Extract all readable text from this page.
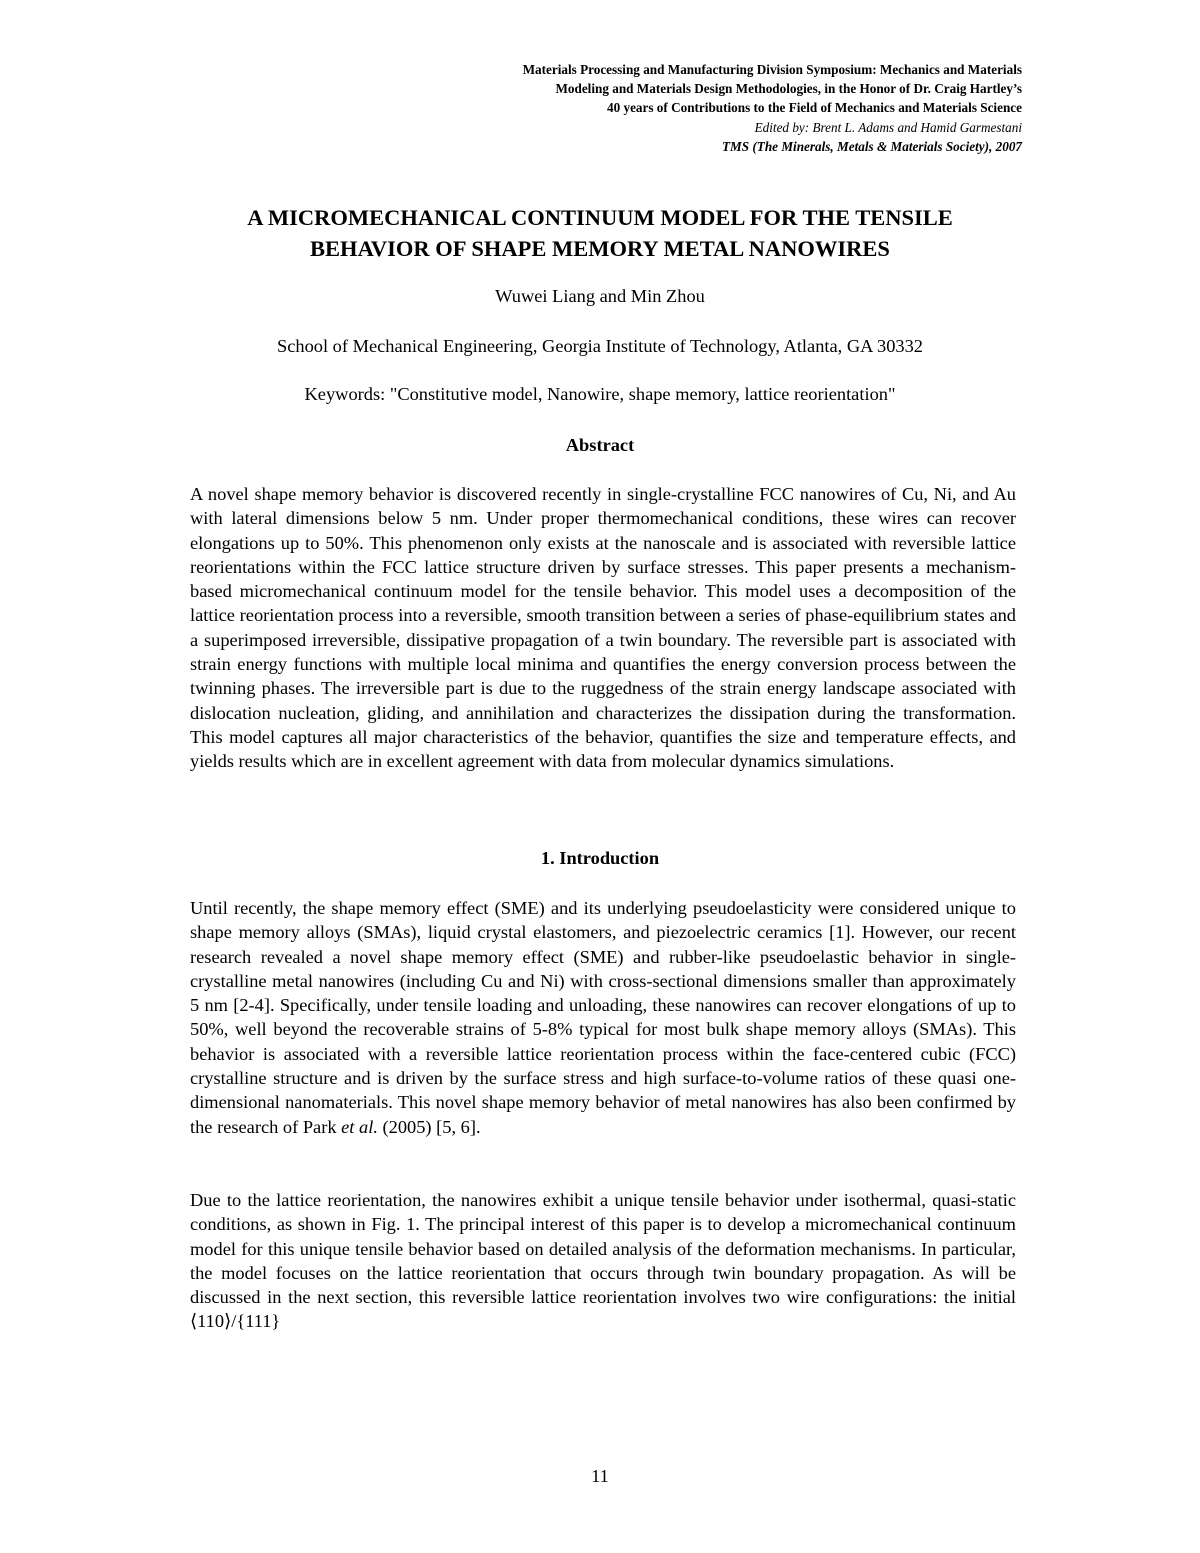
Materials Processing and Manufacturing Division Symposium: Mechanics and Materials
Modeling and Materials Design Methodologies, in the Honor of Dr. Craig Hartley’s
40 years of Contributions to the Field of Mechanics and Materials Science
Edited by: Brent L. Adams and Hamid Garmestani
TMS (The Minerals, Metals & Materials Society), 2007
A MICROMECHANICAL CONTINUUM MODEL FOR THE TENSILE
BEHAVIOR OF SHAPE MEMORY METAL NANOWIRES
Wuwei Liang and Min Zhou
School of Mechanical Engineering, Georgia Institute of Technology, Atlanta, GA 30332
Keywords: "Constitutive model, Nanowire, shape memory, lattice reorientation"
Abstract

A novel shape memory behavior is discovered recently in single-crystalline FCC nanowires of Cu, Ni, and Au with lateral dimensions below 5 nm. Under proper thermomechanical conditions, these wires can recover elongations up to 50%. This phenomenon only exists at the nanoscale and is associated with reversible lattice reorientations within the FCC lattice structure driven by surface stresses. This paper presents a mechanism-based micromechanical continuum model for the tensile behavior. This model uses a decomposition of the lattice reorientation process into a reversible, smooth transition between a series of phase-equilibrium states and a superimposed irreversible, dissipative propagation of a twin boundary. The reversible part is associated with strain energy functions with multiple local minima and quantifies the energy conversion process between the twinning phases. The irreversible part is due to the ruggedness of the strain energy landscape associated with dislocation nucleation, gliding, and annihilation and characterizes the dissipation during the transformation. This model captures all major characteristics of the behavior, quantifies the size and temperature effects, and yields results which are in excellent agreement with data from molecular dynamics simulations.

1. Introduction

Until recently, the shape memory effect (SME) and its underlying pseudoelasticity were considered unique to shape memory alloys (SMAs), liquid crystal elastomers, and piezoelectric ceramics [1]. However, our recent research revealed a novel shape memory effect (SME) and rubber-like pseudoelastic behavior in single-crystalline metal nanowires (including Cu and Ni) with cross-sectional dimensions smaller than approximately 5 nm [2-4]. Specifically, under tensile loading and unloading, these nanowires can recover elongations of up to 50%, well beyond the recoverable strains of 5-8% typical for most bulk shape memory alloys (SMAs). This behavior is associated with a reversible lattice reorientation process within the face-centered cubic (FCC) crystalline structure and is driven by the surface stress and high surface-to-volume ratios of these quasi one-dimensional nanomaterials. This novel shape memory behavior of metal nanowires has also been confirmed by the research of Park et al. (2005) [5, 6].

Due to the lattice reorientation, the nanowires exhibit a unique tensile behavior under isothermal, quasi-static conditions, as shown in Fig. 1. The principal interest of this paper is to develop a micromechanical continuum model for this unique tensile behavior based on detailed analysis of the deformation mechanisms. In particular, the model focuses on the lattice reorientation that occurs through twin boundary propagation. As will be discussed in the next section, this reversible lattice reorientation involves two wire configurations: the initial ⟨110⟩/{111}

11
